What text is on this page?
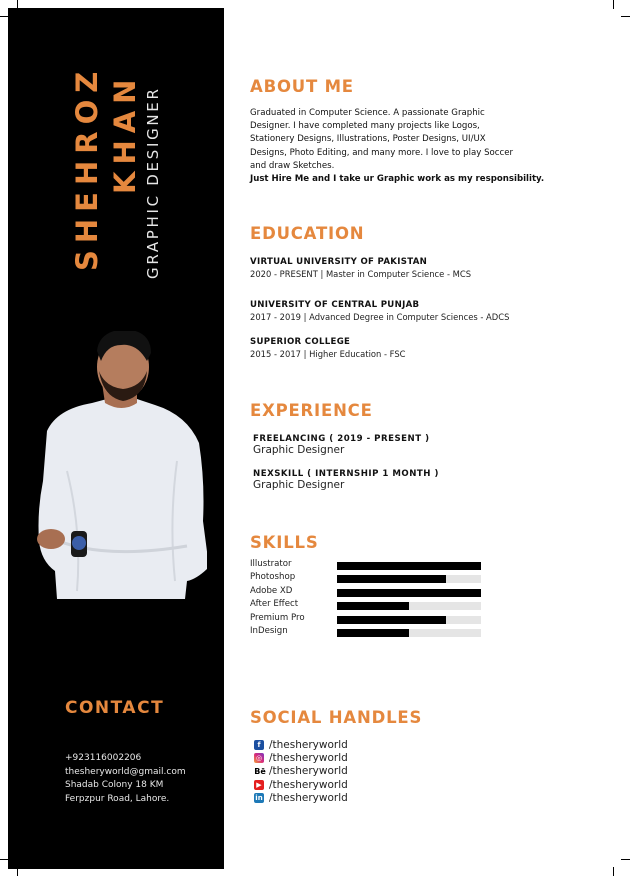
SHEHROZ KHAN GRAPHIC DESIGNER
CONTACT
+923116002206
thesheryworld@gmail.com
Shadab Colony 18 KM
Ferpzpur Road, Lahore.
ABOUT ME

Graduated in Computer Science. A passionate Graphic

Designer. I have completed many projects like Logos,

Stationery Designs, Illustrations, Poster Designs, UI/UX

Designs, Photo Editing, and many more. I love to play Soccer

and draw Sketches.

Just Hire Me and I take ur Graphic work as my responsibility.

EDUCATION
VIRTUAL UNIVERSITY OF PAKISTAN
2020 - PRESENT | Master in Computer Science - MCS
UNIVERSITY OF CENTRAL PUNJAB
2017 - 2019 | Advanced Degree in Computer Sciences - ADCS
SUPERIOR COLLEGE
2015 - 2017 | Higher Education - FSC
EXPERIENCE
FREELANCING ( 2019 - PRESENT )
Graphic Designer
NEXSKILL ( INTERNSHIP 1 MONTH )
Graphic Designer
SKILLS
Illustrator
Photoshop
Adobe XD
After Effect
Premium Pro
InDesign
SOCIAL HANDLES
f /thesheryworld
◎ /thesheryworld
Bē /thesheryworld
▶ /thesheryworld
in /thesheryworld
